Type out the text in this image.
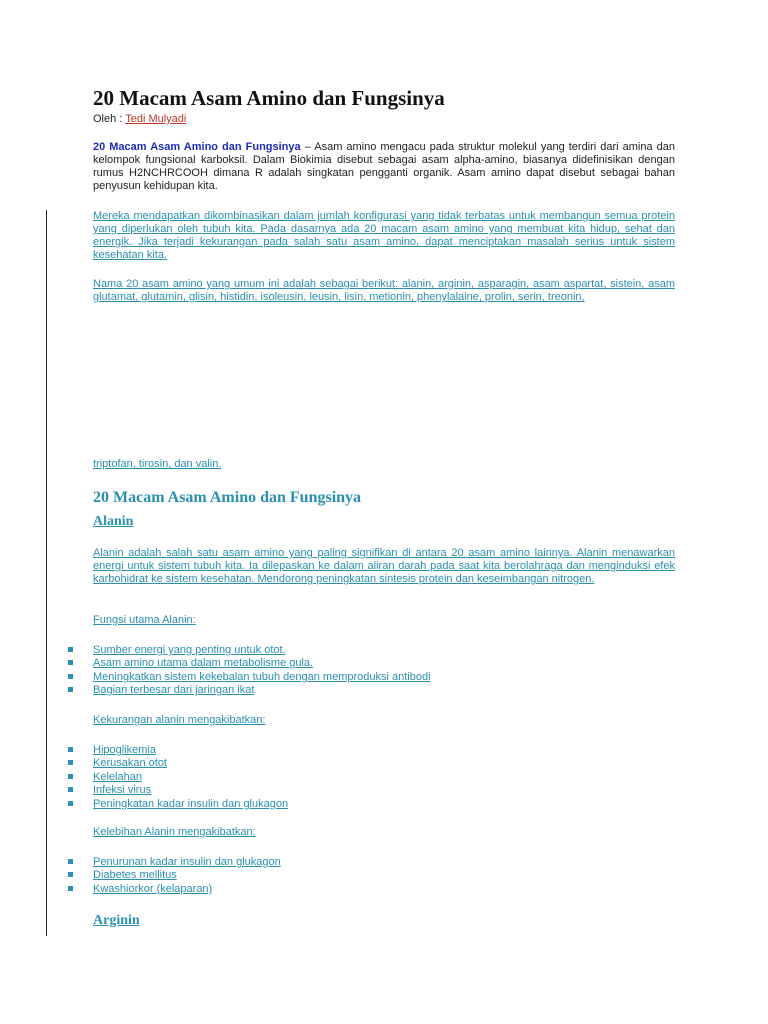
20 Macam Asam Amino dan Fungsinya
Oleh : Tedi Mulyadi
20 Macam Asam Amino dan Fungsinya – Asam amino mengacu pada struktur molekul yang terdiri dari amina dan kelompok fungsional karboksil. Dalam Biokimia disebut sebagai asam alpha-amino, biasanya didefinisikan dengan rumus H2NCHRCOOH dimana R adalah singkatan pengganti organik. Asam amino dapat disebut sebagai bahan penyusun kehidupan kita.
Mereka mendapatkan dikombinasikan dalam jumlah konfigurasi yang tidak terbatas untuk membangun semua protein yang diperlukan oleh tubuh kita. Pada dasarnya ada 20 macam asam amino yang membuat kita hidup, sehat dan energik. Jika terjadi kekurangan pada salah satu asam amino, dapat menciptakan masalah serius untuk sistem kesehatan kita.
Nama 20 asam amino yang umum ini adalah sebagai berikut: alanin, arginin, asparagin, asam aspartat, sistein, asam glutamat, glutamin, glisin, histidin, isoleusin, leusin, lisin, metionin, phenylalaine, prolin, serin, treonin,
triptofan, tirosin, dan valin.
20 Macam Asam Amino dan Fungsinya
Alanin
Alanin adalah salah satu asam amino yang paling signifikan di antara 20 asam amino lainnya. Alanin menawarkan energi untuk sistem tubuh kita. Ia dilepaskan ke dalam aliran darah pada saat kita berolahraga dan menginduksi efek karbohidrat ke sistem kesehatan. Mendorong peningkatan sintesis protein dan keseimbangan nitrogen.
Fungsi utama Alanin:
Sumber energi yang penting untuk otot.
Asam amino utama dalam metabolisme gula.
Meningkatkan sistem kekebalan tubuh dengan memproduksi antibodi
Bagian terbesar dari jaringan ikat
Kekurangan alanin mengakibatkan:
Hipoglikemia
Kerusakan otot
Kelelahan
Infeksi virus
Peningkatan kadar insulin dan glukagon
Kelebihan Alanin mengakibatkan:
Penurunan kadar insulin dan glukagon
Diabetes mellitus
Kwashiorkor (kelaparan)
Arginin
